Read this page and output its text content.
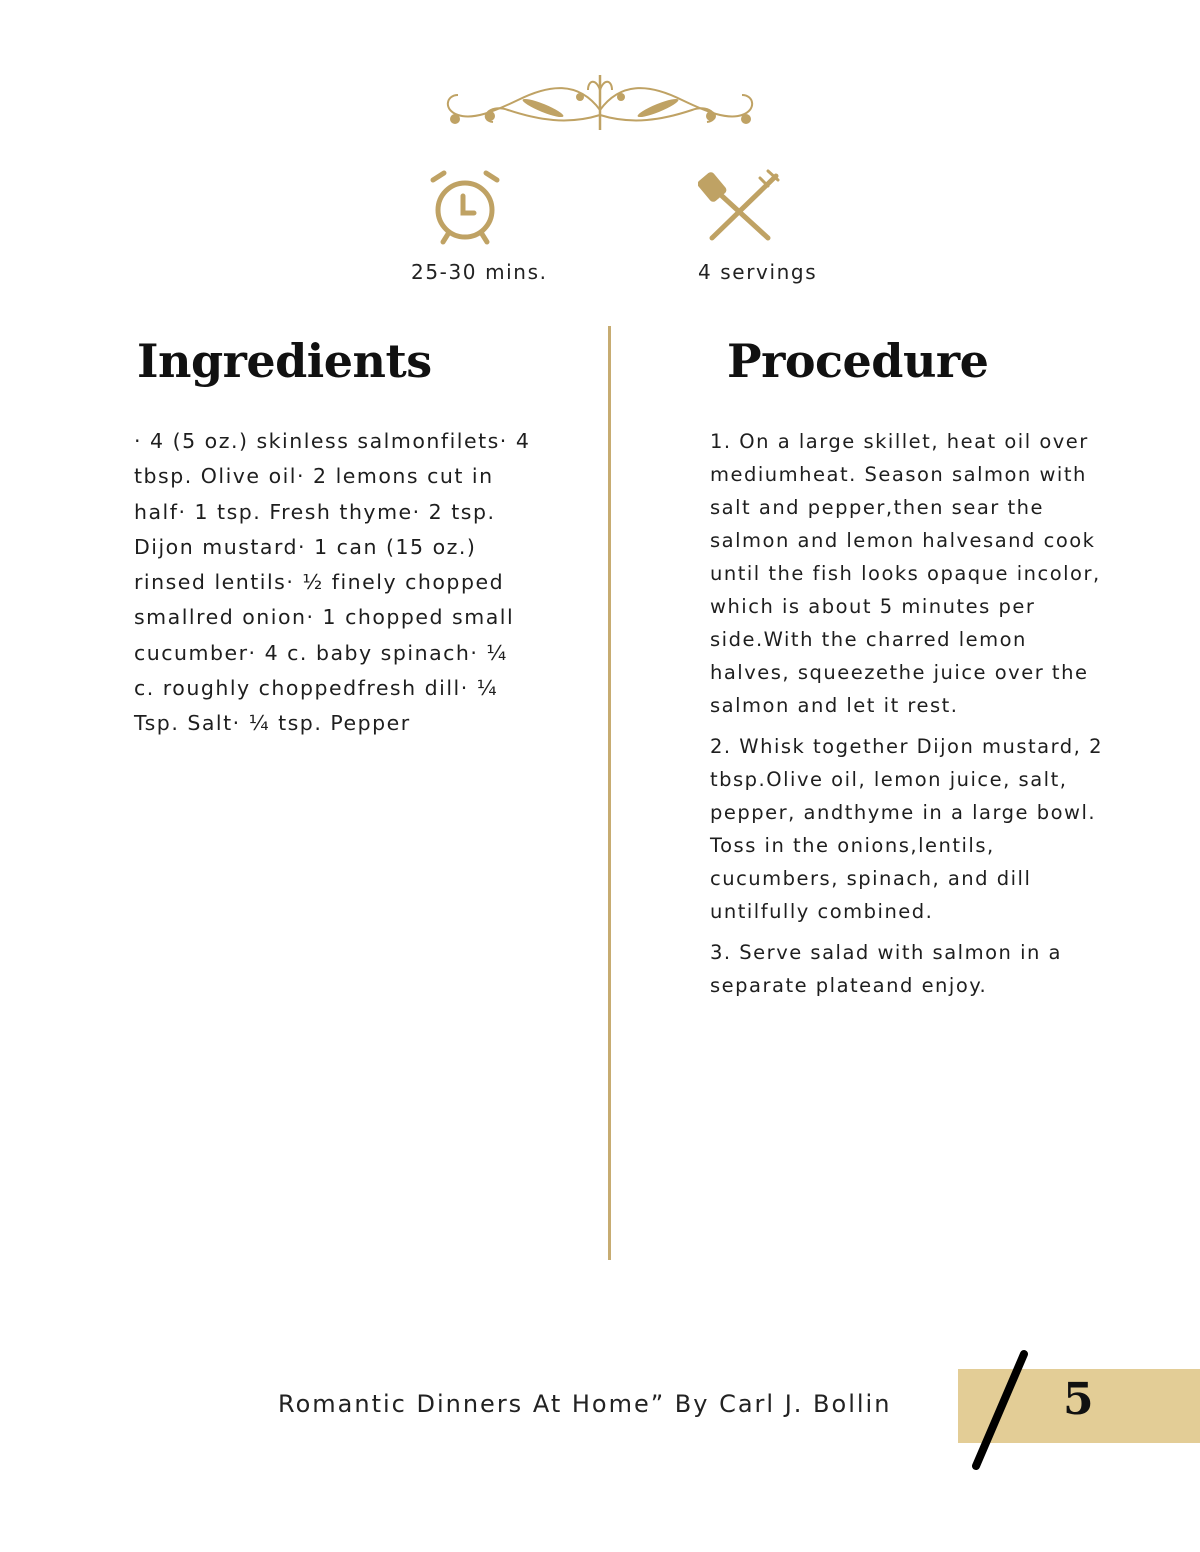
25-30 mins.	4 servings
Ingredients	Procedure
· 4 (5 oz.) skinless salmonfilets· 4
tbsp. Olive oil· 2 lemons cut in
half· 1 tsp. Fresh thyme· 2 tsp.
Dijon mustard· 1 can (15 oz.)
rinsed lentils· ½ finely chopped
smallred onion· 1 chopped small
cucumber· 4 c. baby spinach· ¼
c. roughly choppedfresh dill· ¼
Tsp. Salt· ¼ tsp. Pepper
1. On a large skillet, heat oil over
mediumheat. Season salmon with
salt and pepper,then sear the
salmon and lemon halvesand cook
until the fish looks opaque incolor,
which is about 5 minutes per
side.With the charred lemon
halves, squeezethe juice over the
salmon and let it rest.
2. Whisk together Dijon mustard, 2
tbsp.Olive oil, lemon juice, salt,
pepper, andthyme in a large bowl.
Toss in the onions,lentils,
cucumbers, spinach, and dill
untilfully combined.
3. Serve salad with salmon in a
separate plateand enjoy.
Romantic Dinners At Home” By Carl J. Bollin	5
